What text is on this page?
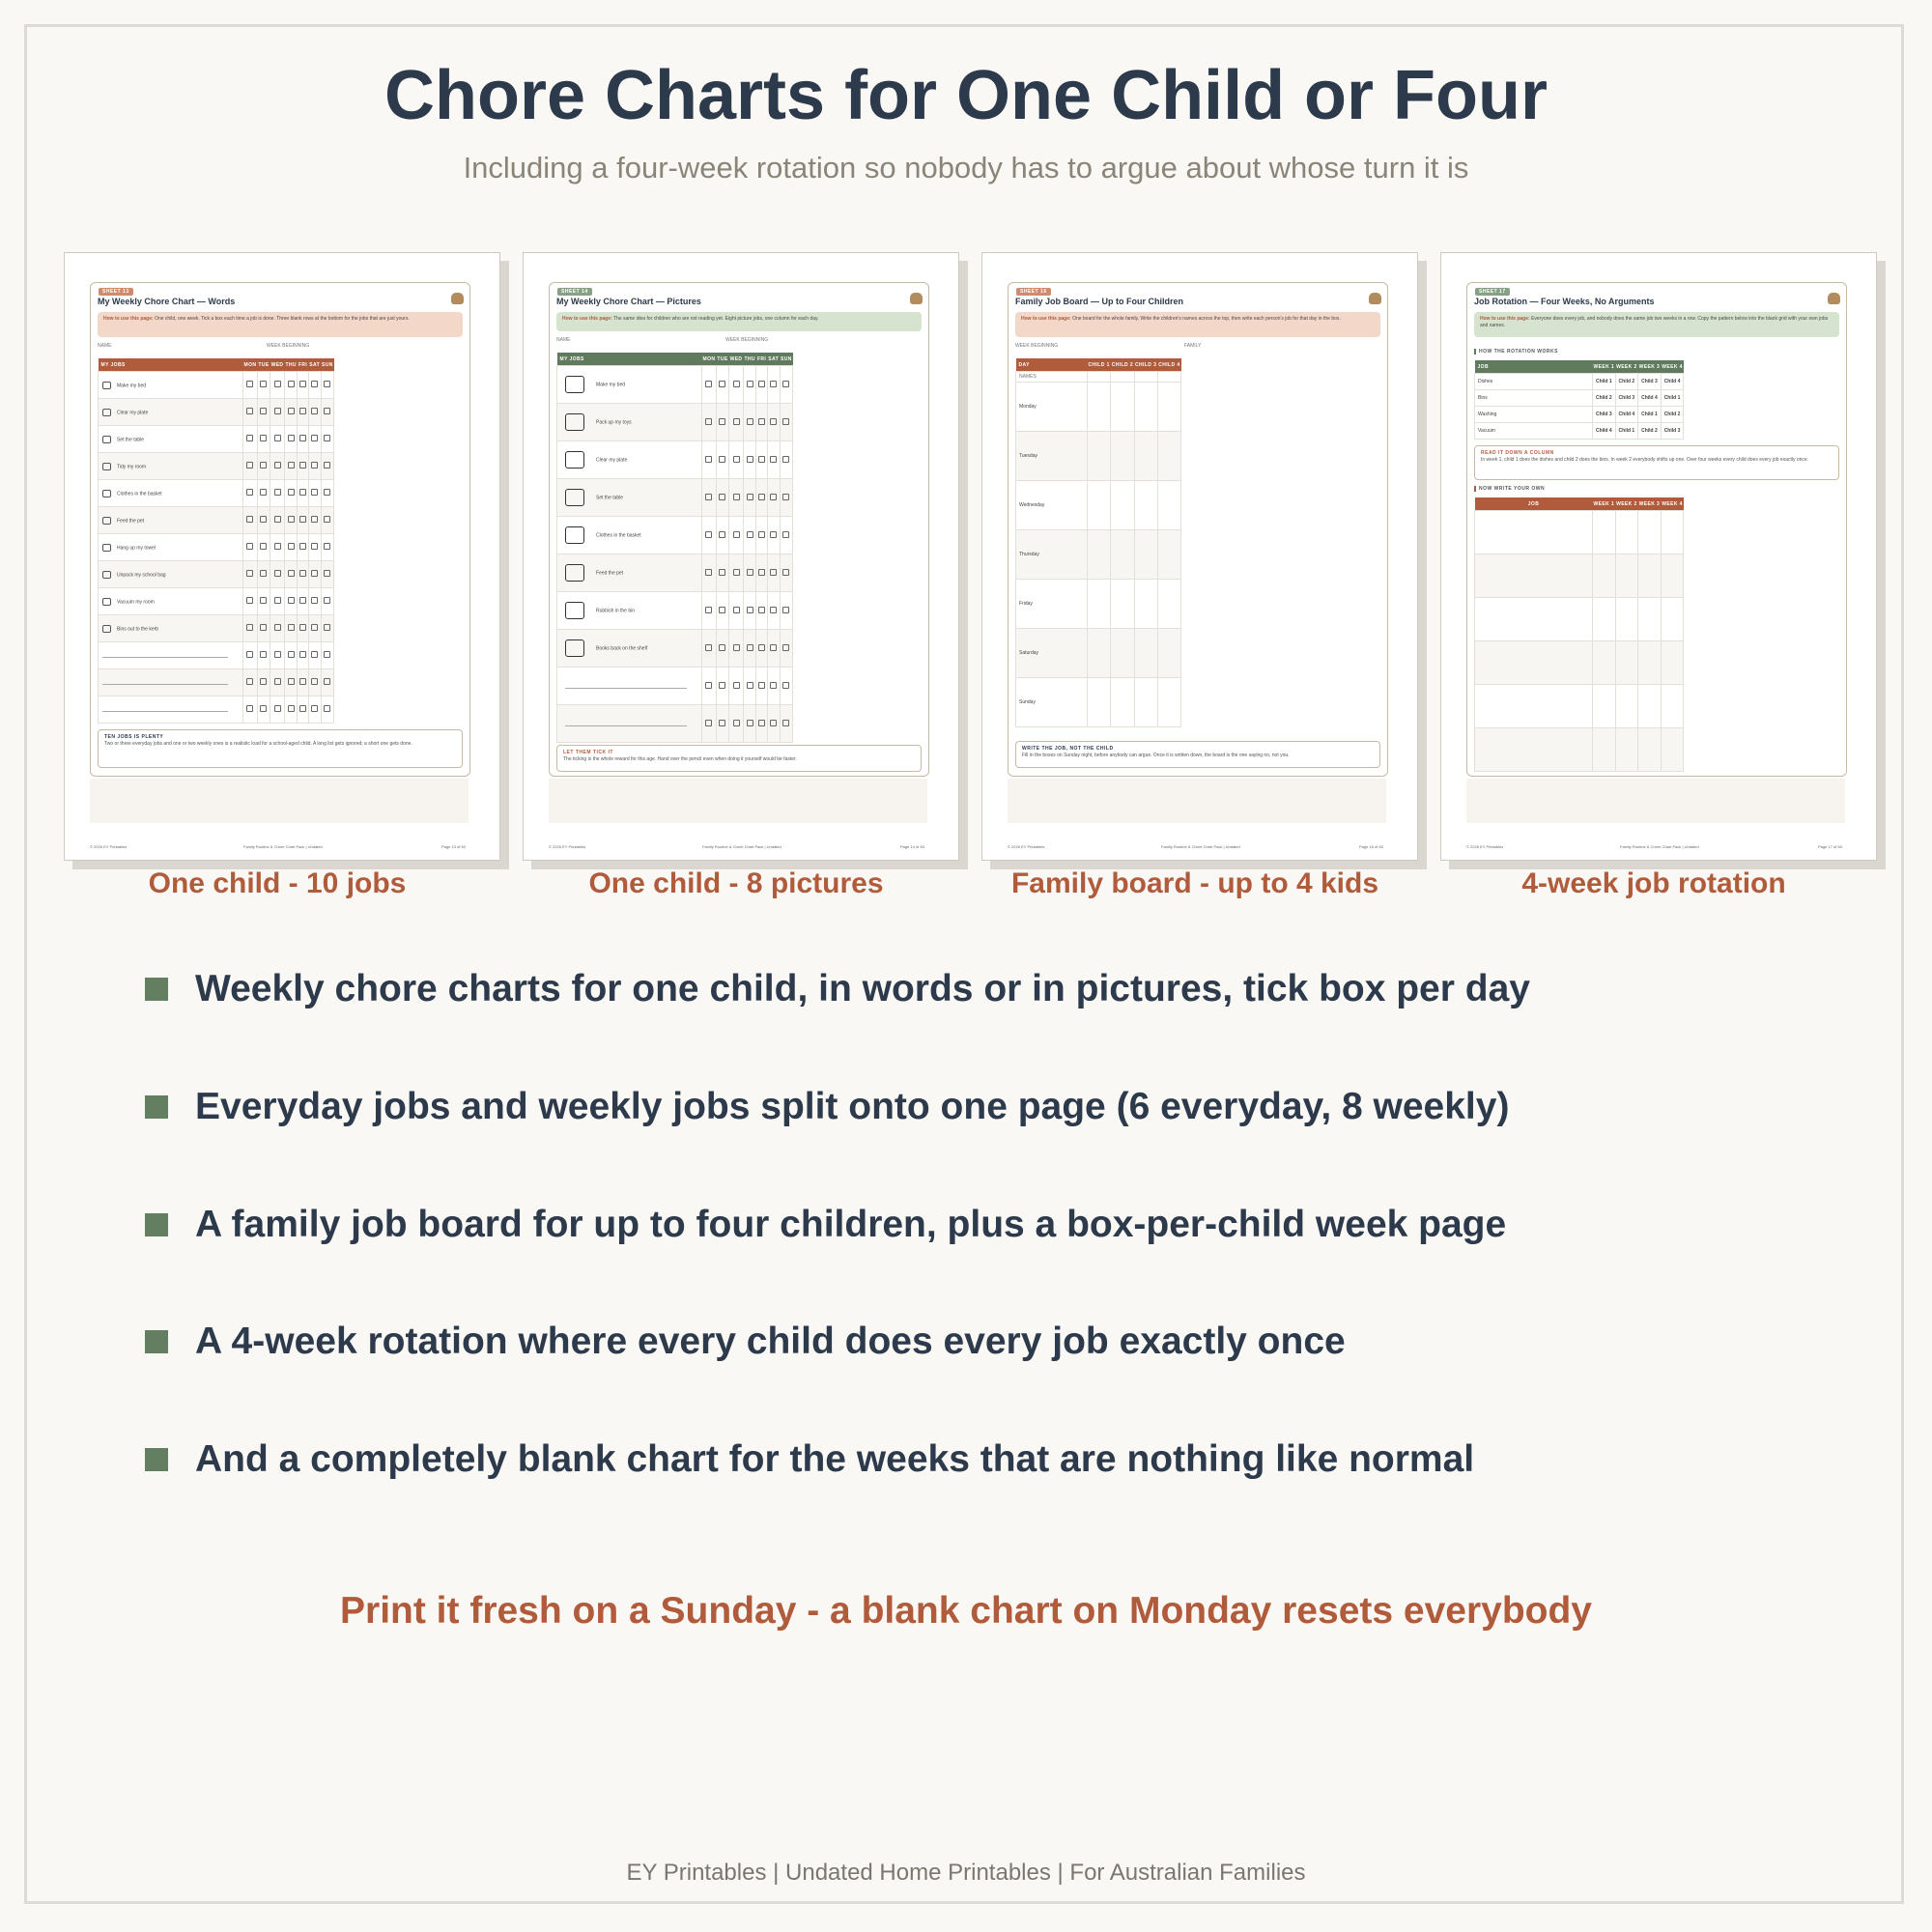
Chore Charts for One Child or Four
Including a four-week rotation so nobody has to argue about whose turn it is
SHEET 13
My Weekly Chore Chart — Words
How to use this page: One child, one week. Tick a box each time a job is done. Three blank rows at the bottom for the jobs that are just yours.
NAME	WEEK BEGINNING
MY JOBS	MON	TUE	WED	THU	FRI	SAT	SUN
Make my bed							
Clear my plate							
Set the table							
Tidy my room							
Clothes in the basket							
Feed the pet							
Hang up my towel							
Unpack my school bag							
Vacuum my room							
Bins out to the kerb							

TEN JOBS IS PLENTY
Two or three everyday jobs and one or two weekly ones is a realistic load for a school-aged child. A long list gets ignored; a short one gets done.
© 2026 EY Printables	Family Routine & Chore Chart Pack | Undated	Page 13 of 63
SHEET 14
My Weekly Chore Chart — Pictures
How to use this page: The same idea for children who are not reading yet. Eight picture jobs, one column for each day.
NAME	WEEK BEGINNING
MY JOBS	MON	TUE	WED	THU	FRI	SAT	SUN
Make my bed							
Pack up my toys							
Clear my plate							
Set the table							
Clothes in the basket							
Feed the pet							
Rubbish in the bin							
Books back on the shelf							

LET THEM TICK IT
The ticking is the whole reward for this age. Hand over the pencil even when doing it yourself would be faster.
© 2026 EY Printables	Family Routine & Chore Chart Pack | Undated	Page 14 of 63
SHEET 16
Family Job Board — Up to Four Children
How to use this page: One board for the whole family. Write the children's names across the top, then write each person's job for that day in the box.
WEEK BEGINNING	FAMILY
DAY	CHILD 1	CHILD 2	CHILD 3	CHILD 4
NAMES				
Monday				
Tuesday				
Wednesday				
Thursday				
Friday				
Saturday				
Sunday				
WRITE THE JOB, NOT THE CHILD
Fill in the boxes on Sunday night, before anybody can argue. Once it is written down, the board is the one saying no, not you.
© 2026 EY Printables	Family Routine & Chore Chart Pack | Undated	Page 16 of 63
SHEET 17
Job Rotation — Four Weeks, No Arguments
How to use this page: Everyone does every job, and nobody does the same job two weeks in a row. Copy the pattern below into the blank grid with your own jobs and names.
HOW THE ROTATION WORKS
JOB	WEEK 1	WEEK 2	WEEK 3	WEEK 4
Dishes	Child 1	Child 2	Child 3	Child 4
Bins	Child 2	Child 3	Child 4	Child 1
Washing	Child 3	Child 4	Child 1	Child 2
Vacuum	Child 4	Child 1	Child 2	Child 3
READ IT DOWN A COLUMN
In week 1, child 1 does the dishes and child 2 does the bins. In week 2 everybody shifts up one. Over four weeks every child does every job exactly once.
NOW WRITE YOUR OWN
JOB	WEEK 1	WEEK 2	WEEK 3	WEEK 4

© 2026 EY Printables	Family Routine & Chore Chart Pack | Undated	Page 17 of 63
One child - 10 jobs	One child - 8 pictures	Family board - up to 4 kids	4-week job rotation
Weekly chore charts for one child, in words or in pictures, tick box per day
Everyday jobs and weekly jobs split onto one page (6 everyday, 8 weekly)
A family job board for up to four children, plus a box-per-child week page
A 4-week rotation where every child does every job exactly once
And a completely blank chart for the weeks that are nothing like normal
Print it fresh on a Sunday - a blank chart on Monday resets everybody
EY Printables | Undated Home Printables | For Australian Families
